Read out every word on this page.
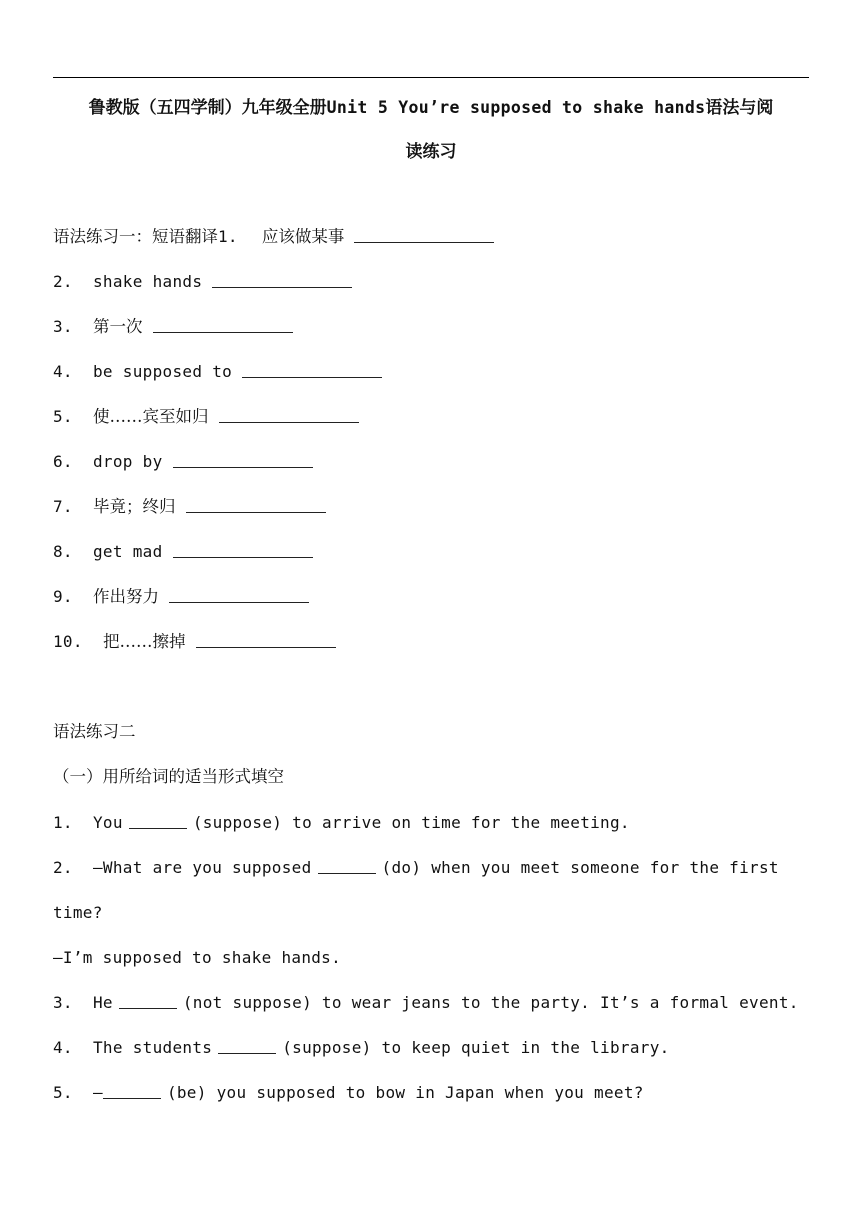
鲁教版（五四学制）九年级全册Unit 5 You’re supposed to shake hands语法与阅
读练习
语法练习一：短语翻译1. 应该做某事
2. shake hands
3. 第一次
4. be supposed to
5. 使……宾至如归
6. drop by
7. 毕竟；终归
8. get mad
9. 作出努力
10. 把……擦掉
语法练习二
（一）用所给词的适当形式填空
1. You	(suppose) to arrive on time for the meeting.
2. —What are you supposed	(do) when you meet someone for the first
time?
—I’m supposed to shake hands.
3. He	(not suppose) to wear jeans to the party. It’s a formal event.
4. The students	(suppose) to keep quiet in the library.
5. —	(be) you supposed to bow in Japan when you meet?
